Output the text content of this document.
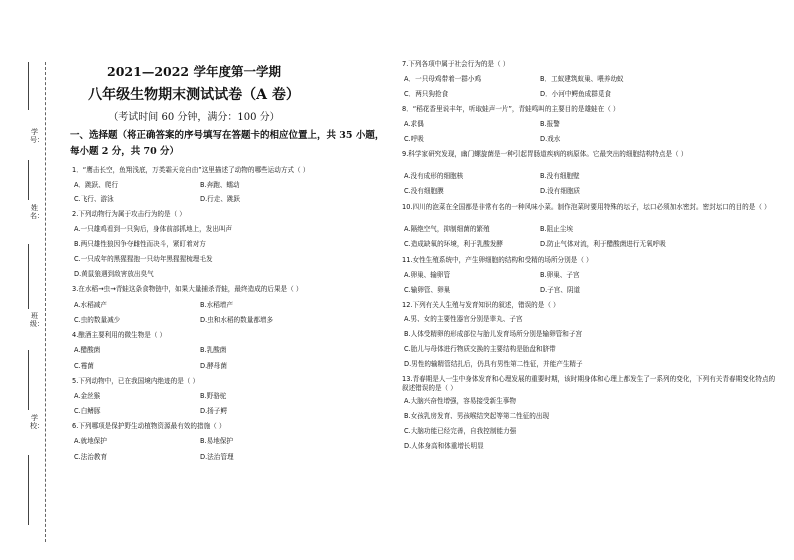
学号：
姓名：
班级：
学校：
2021—2022 学年度第一学期
八年级生物期末测试试卷（A 卷）
（考试时间 60 分钟，满分：100 分）
一、选择题（将正确答案的序号填写在答题卡的相应位置上，共 35 小题，每小题 2 分，共 70 分）
1．“鹰击长空，鱼翔浅底，万类霜天竞自由”这里描述了动物的哪些运动方式（ ）
A．跳跃、爬行	B.奔跑、蠕动
C.飞行、游泳	D.行走、跳跃
2.下列动物行为属于攻击行为的是（ ）
A.一只雄鸡看到一只狗后，身体前部抓地上，发出叫声
B.两只雄性狼因争夺雌性而决斗，紧盯着对方
C.一只成年的黑猩猩抱一只幼年黑猩猩梳理毛发
D.黄鼠狼遇到敌害放出臭气
3.在水稻→虫→青蛙这条食物链中，如果大量捕杀青蛙，最终造成的后果是（ ）
A.水稻减产	B.水稻增产
C.虫的数量减少	D.虫和水稻的数量都增多
4.酿酒主要利用的微生物是（ ）
A.醋酸菌	B.乳酸菌
C.霉菌	D.酵母菌
5.下列动物中，已在我国境内绝迹的是（ ）
A.金丝猴	B.野骆驼
C.白鳍豚	D.扬子鳄
6.下列哪项是保护野生动植物资源最有效的措施（ ）
A.就地保护	B.易地保护
C.法治教育	D.法治管理
7.下列各项中属于社会行为的是（ ）
A．一只母鸡带着一群小鸡	B．工蚁建筑蚁巢、喂养幼蚁
C．两只狗抢食	D．小河中鳄鱼成群觅食
8．“稻花香里说丰年，听取蛙声一片”，青蛙鸣叫的主要目的是雄蛙在（ ）
A.求偶	B.报警
C.呼吸	D.戏水
9.科学家研究发现，幽门螺旋菌是一种引起胃肠道疾病的病原体。它最突出的细胞结构特点是（ ）
A.没有成形的细胞核	B.没有细胞壁
C.没有细胞膜	D.没有细胞质
10.四川的泡菜在全国都是非常有名的一种风味小菜。制作泡菜时要用特殊的坛子，坛口必须加水密封。密封坛口的目的是（ ）
A.隔绝空气，抑制细菌的繁殖	B.阻止尘埃
C.造成缺氧的环境，利于乳酸发酵	D.防止气体对流，利于醋酸菌进行无氧呼吸
11.女性生殖系统中，产生卵细胞的结构和受精的场所分别是（ ）
A.卵巢、输卵管	B.卵巢、子宫
C.输卵管、卵巢	D.子宫、阴道
12.下列有关人生殖与发育知识的叙述，错误的是（ ）
A.男、女的主要性器官分别是睾丸、子宫
B.人体受精卵的形成部位与胎儿发育场所分别是输卵管和子宫
C.胎儿与母体进行物质交换的主要结构是胎盘和脐带
D.男性的输精管结扎后，仍具有男性第二性征，并能产生精子
13.青春期是人一生中身体发育和心理发展的重要时期，该时期身体和心理上都发生了一系列的变化，下列有关青春期变化特点的叙述错误的是（ ）
A.大脑兴奋性增强，容易接受新生事物
B.女孩乳房发育、男孩喉结突起等第二性征的出现
C.大脑功能已经完善，自我控制能力强
D.人体身高和体重增长明显
